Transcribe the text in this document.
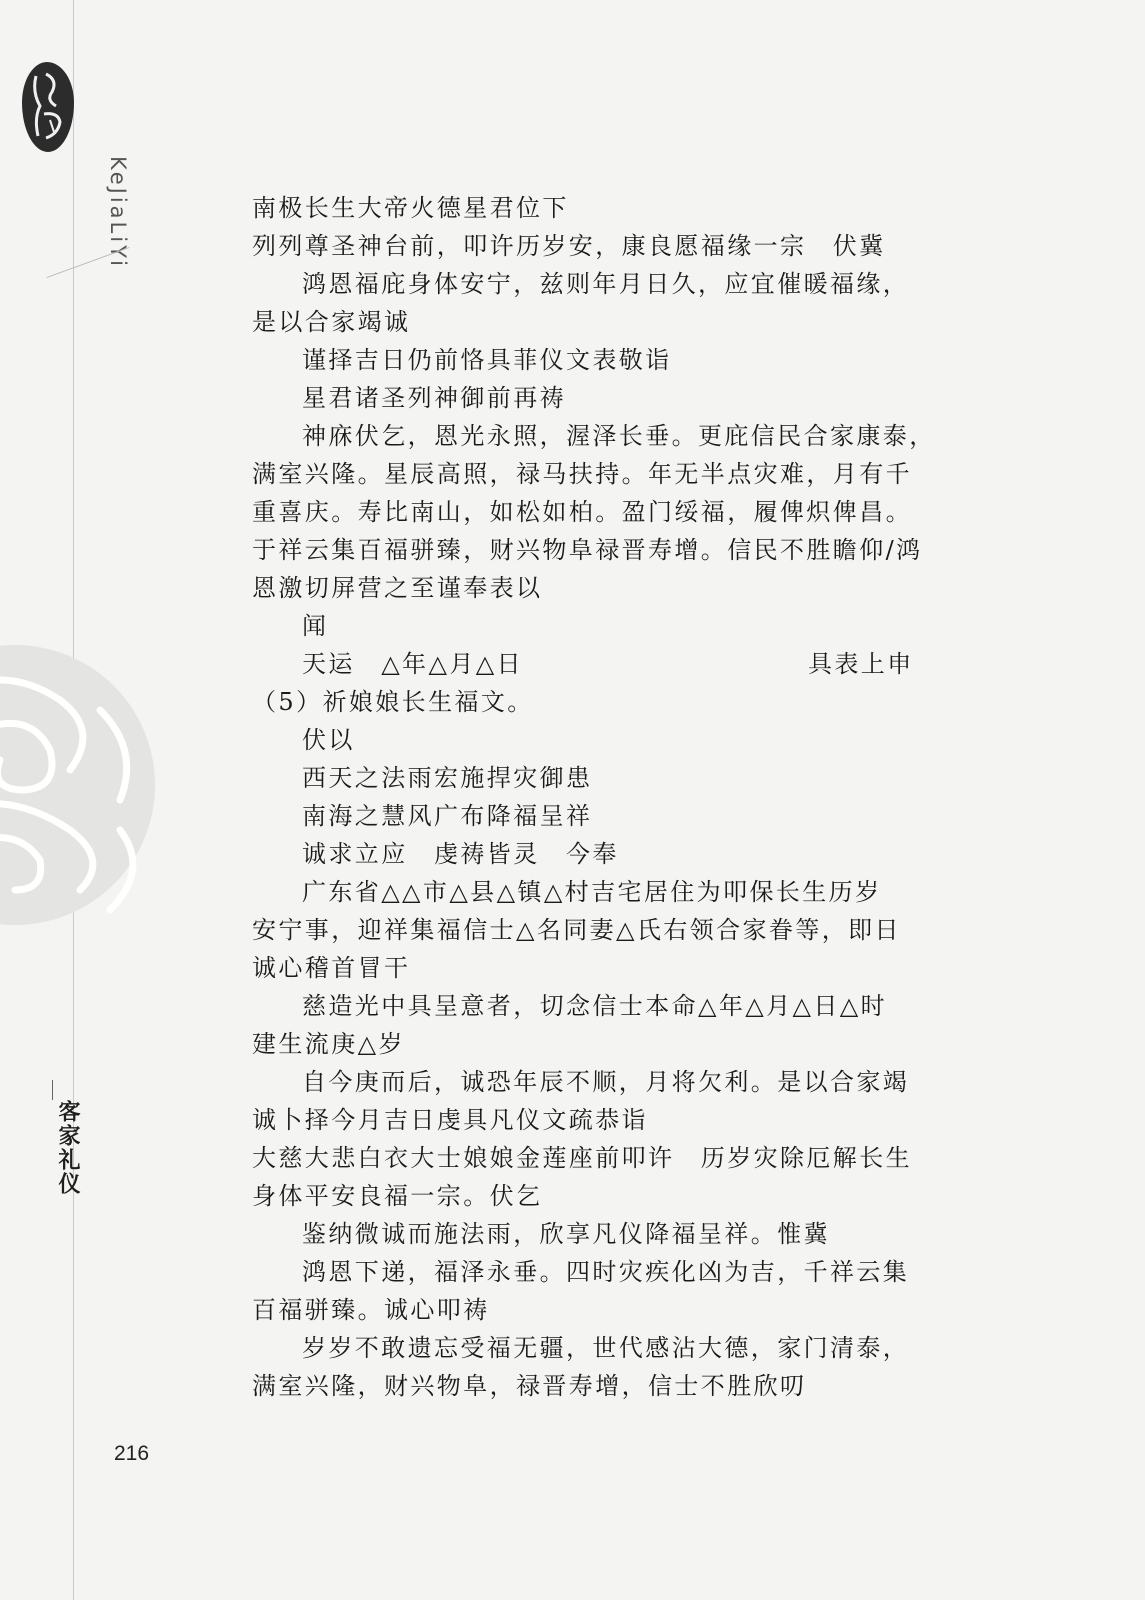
KeJiaLiYi
客家礼仪
216
南极长生大帝火德星君位下
列列尊圣神台前，叩许历岁安，康良愿福缘一宗　伏冀
鸿恩福庇身体安宁，兹则年月日久，应宜催暖福缘，
是以合家竭诚
谨择吉日仍前恪具菲仪文表敬诣
星君诸圣列神御前再祷
神庥伏乞，恩光永照，渥泽长垂。更庇信民合家康泰，
满室兴隆。星辰高照，禄马扶持。年无半点灾难，月有千
重喜庆。寿比南山，如松如柏。盈门绥福，履俾炽俾昌。
于祥云集百福骈臻，财兴物阜禄晋寿增。信民不胜瞻仰/鸿
恩激切屏营之至谨奉表以
闻
天运　△年△月△日	具表上申
（5）祈娘娘长生福文。
伏以
西天之法雨宏施捍灾御患
南海之慧风广布降福呈祥
诚求立应　虔祷皆灵　今奉
广东省△△市△县△镇△村吉宅居住为叩保长生历岁
安宁事，迎祥集福信士△名同妻△氏右领合家眷等，即日
诚心稽首冒干
慈造光中具呈意者，切念信士本命△年△月△日△时
建生流庚△岁
自今庚而后，诚恐年辰不顺，月将欠利。是以合家竭
诚卜择今月吉日虔具凡仪文疏恭诣
大慈大悲白衣大士娘娘金莲座前叩许　历岁灾除厄解长生
身体平安良福一宗。伏乞
鉴纳微诚而施法雨，欣享凡仪降福呈祥。惟冀
鸿恩下递，福泽永垂。四时灾疾化凶为吉，千祥云集
百福骈臻。诚心叩祷
岁岁不敢遗忘受福无疆，世代感沾大德，家门清泰，
满室兴隆，财兴物阜，禄晋寿增，信士不胜欣叨
